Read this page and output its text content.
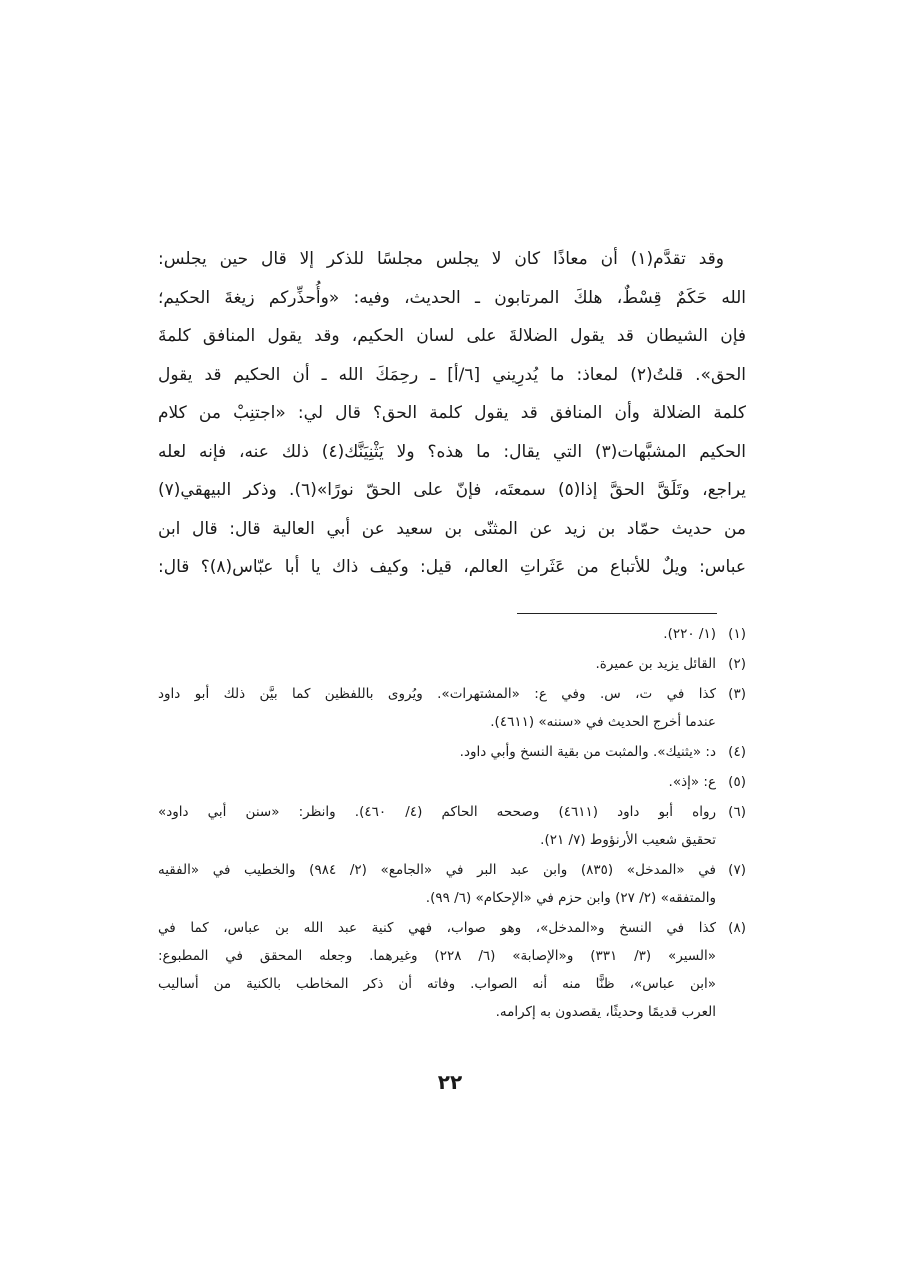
وقد تقدَّم(١) أن معاذًا كان لا يجلس مجلسًا للذكر إلا قال حين يجلس:
الله حَكَمٌ قِسْطٌ، هلكَ المرتابون ـ الحديث، وفيه: «وأُحذِّركم زيغةَ الحكيم؛
فإن الشيطان قد يقول الضلالةَ على لسان الحكيم، وقد يقول المنافق كلمةَ
الحق». قلتُ(٢) لمعاذ: ما يُدرِيني [٦/أ] ـ رحِمَكَ الله ـ أن الحكيم قد يقول
كلمة الضلالة وأن المنافق قد يقول كلمة الحق؟ قال لي: «اجتنِبْ من كلام
الحكيم المشبَّهات(٣) التي يقال: ما هذه؟ ولا يَثْنِيَنَّك(٤) ذلك عنه، فإنه لعله
يراجع، وتَلَقَّ الحقَّ إذا(٥) سمعتَه، فإنّ على الحقّ نورًا»(٦). وذكر البيهقي(٧)
من حديث حمّاد بن زيد عن المثنّى بن سعيد عن أبي العالية قال: قال ابن
عباس: ويلٌ للأتباع من عَثَراتِ العالم، قيل: وكيف ذاك يا أبا عبّاس(٨)؟ قال:
(١)
(١/ ٢٢٠).
(٢)
القائل يزيد بن عميرة.
(٣)
كذا في ت، س. وفي ع: «المشتهرات». ويُروى باللفظين كما بيَّن ذلك أبو داود
عندما أخرج الحديث في «سننه» (٤٦١١).
(٤)
د: «يثنيك». والمثبت من بقية النسخ وأبي داود.
(٥)
ع: «إذ».
(٦)
رواه أبو داود (٤٦١١) وصححه الحاكم (٤/ ٤٦٠). وانظر: «سنن أبي داود»
تحقيق شعيب الأرنؤوط (٧/ ٢١).
(٧)
في «المدخل» (٨٣٥) وابن عبد البر في «الجامع» (٢/ ٩٨٤) والخطيب في «الفقيه
والمتفقه» (٢/ ٢٧) وابن حزم في «الإحكام» (٦/ ٩٩).
(٨)
كذا في النسخ و«المدخل»، وهو صواب، فهي كنية عبد الله بن عباس، كما في
«السير» (٣/ ٣٣١) و«الإصابة» (٦/ ٢٢٨) وغيرهما. وجعله المحقق في المطبوع:
«ابن عباس»، ظنًّا منه أنه الصواب. وفاته أن ذكر المخاطب بالكنية من أساليب
العرب قديمًا وحديثًا، يقصدون به إكرامه.
٢٢
